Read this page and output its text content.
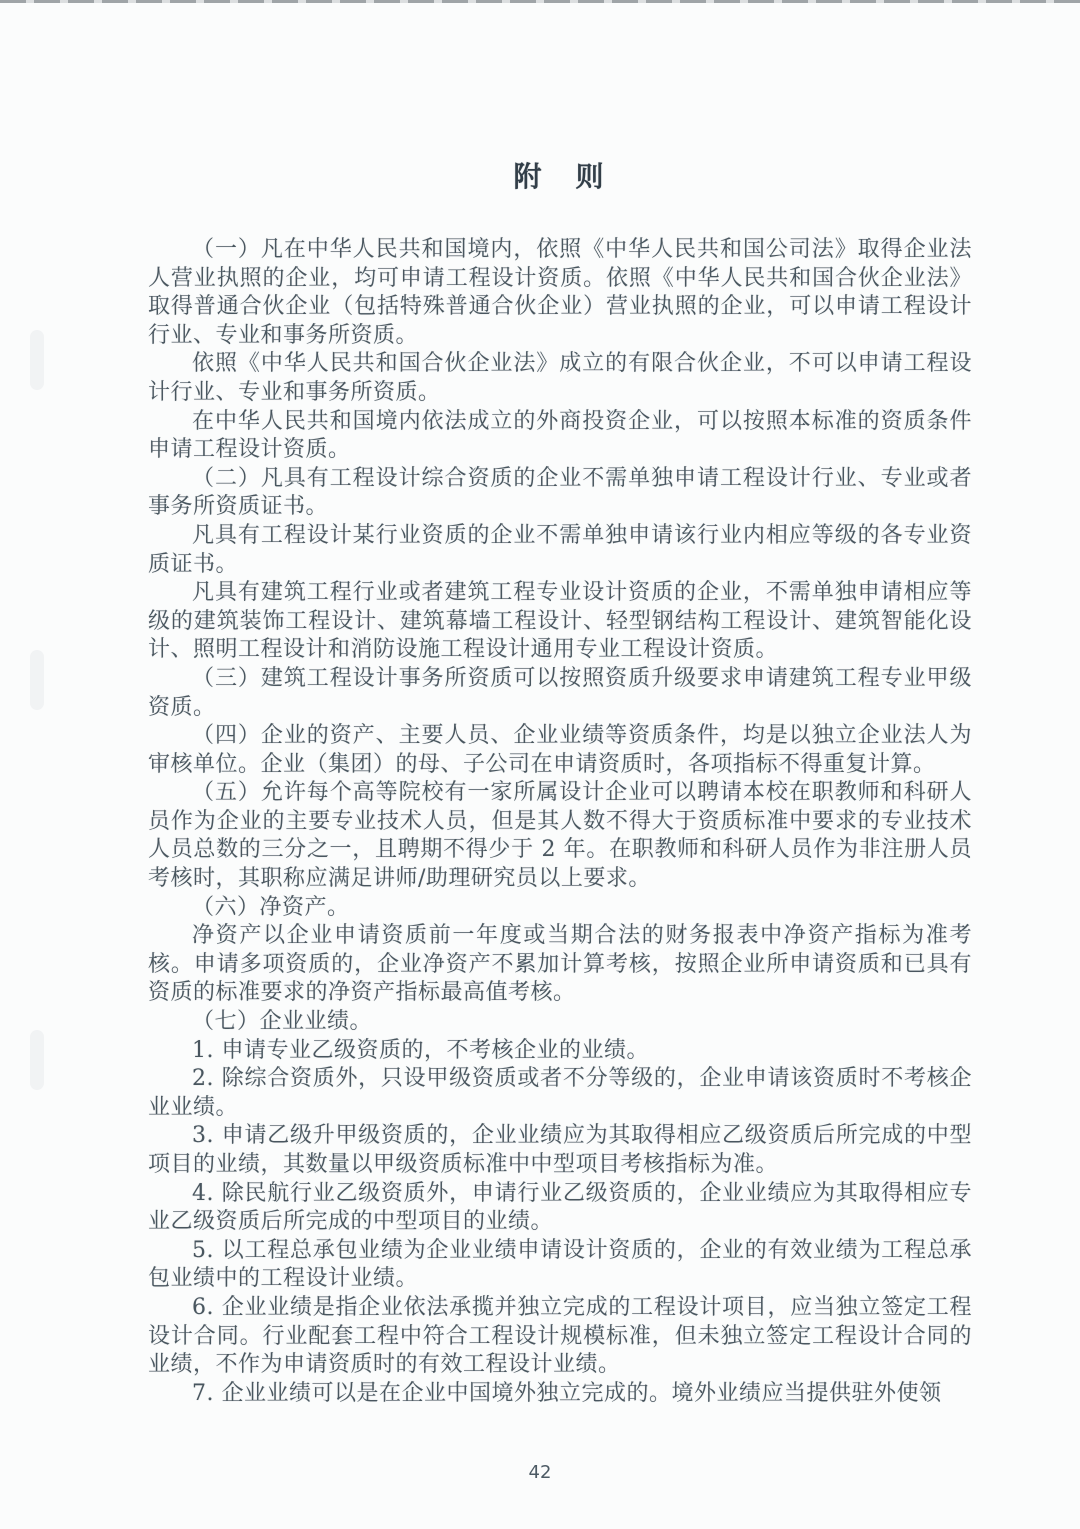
附　则

（一）凡在中华人民共和国境内，依照《中华人民共和国公司法》取得企业法人营业执照的企业，均可申请工程设计资质。依照《中华人民共和国合伙企业法》取得普通合伙企业（包括特殊普通合伙企业）营业执照的企业，可以申请工程设计行业、专业和事务所资质。

依照《中华人民共和国合伙企业法》成立的有限合伙企业，不可以申请工程设计行业、专业和事务所资质。

在中华人民共和国境内依法成立的外商投资企业，可以按照本标准的资质条件申请工程设计资质。

（二）凡具有工程设计综合资质的企业不需单独申请工程设计行业、专业或者事务所资质证书。

凡具有工程设计某行业资质的企业不需单独申请该行业内相应等级的各专业资质证书。

凡具有建筑工程行业或者建筑工程专业设计资质的企业，不需单独申请相应等级的建筑装饰工程设计、建筑幕墙工程设计、轻型钢结构工程设计、建筑智能化设计、照明工程设计和消防设施工程设计通用专业工程设计资质。

（三）建筑工程设计事务所资质可以按照资质升级要求申请建筑工程专业甲级资质。

（四）企业的资产、主要人员、企业业绩等资质条件，均是以独立企业法人为审核单位。企业（集团）的母、子公司在申请资质时，各项指标不得重复计算。

（五）允许每个高等院校有一家所属设计企业可以聘请本校在职教师和科研人员作为企业的主要专业技术人员，但是其人数不得大于资质标准中要求的专业技术人员总数的三分之一，且聘期不得少于 2 年。在职教师和科研人员作为非注册人员考核时，其职称应满足讲师/助理研究员以上要求。

（六）净资产。

净资产以企业申请资质前一年度或当期合法的财务报表中净资产指标为准考核。申请多项资质的，企业净资产不累加计算考核，按照企业所申请资质和已具有资质的标准要求的净资产指标最高值考核。

（七）企业业绩。

1. 申请专业乙级资质的，不考核企业的业绩。

2. 除综合资质外，只设甲级资质或者不分等级的，企业申请该资质时不考核企业业绩。

3. 申请乙级升甲级资质的，企业业绩应为其取得相应乙级资质后所完成的中型项目的业绩，其数量以甲级资质标准中中型项目考核指标为准。

4. 除民航行业乙级资质外，申请行业乙级资质的，企业业绩应为其取得相应专业乙级资质后所完成的中型项目的业绩。

5. 以工程总承包业绩为企业业绩申请设计资质的，企业的有效业绩为工程总承包业绩中的工程设计业绩。

6. 企业业绩是指企业依法承揽并独立完成的工程设计项目，应当独立签定工程设计合同。行业配套工程中符合工程设计规模标准，但未独立签定工程设计合同的业绩，不作为申请资质时的有效工程设计业绩。

7. 企业业绩可以是在企业中国境外独立完成的。境外业绩应当提供驻外使领

42
